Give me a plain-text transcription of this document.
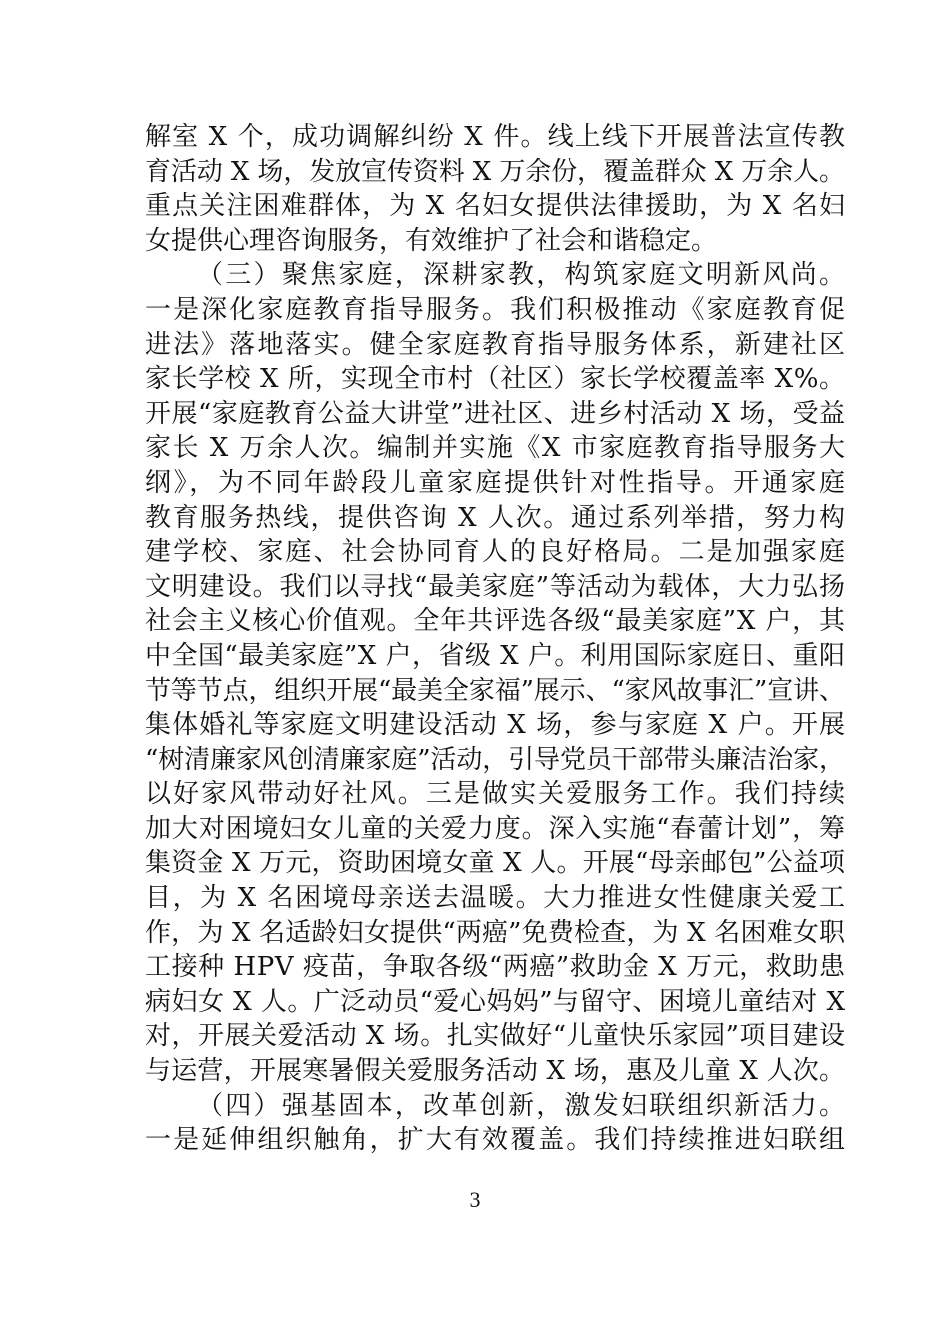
解室 X 个，成功调解纠纷 X 件。线上线下开展普法宣传教
育活动 X 场，发放宣传资料 X 万余份，覆盖群众 X 万余人。
重点关注困难群体，为 X 名妇女提供法律援助，为 X 名妇
女提供心理咨询服务，有效维护了社会和谐稳定。
（三）聚焦家庭，深耕家教，构筑家庭文明新风尚。
一是深化家庭教育指导服务。我们积极推动《家庭教育促
进法》落地落实。健全家庭教育指导服务体系，新建社区
家长学校 X 所，实现全市村（社区）家长学校覆盖率 X%。
开展“家庭教育公益大讲堂”进社区、进乡村活动 X 场，受益
家长 X 万余人次。编制并实施《X 市家庭教育指导服务大
纲》，为不同年龄段儿童家庭提供针对性指导。开通家庭
教育服务热线，提供咨询 X 人次。通过系列举措，努力构
建学校、家庭、社会协同育人的良好格局。二是加强家庭
文明建设。我们以寻找“最美家庭”等活动为载体，大力弘扬
社会主义核心价值观。全年共评选各级“最美家庭”X 户，其
中全国“最美家庭”X 户，省级 X 户。利用国际家庭日、重阳
节等节点，组织开展“最美全家福”展示、“家风故事汇”宣讲、
集体婚礼等家庭文明建设活动 X 场，参与家庭 X 户。开展
“树清廉家风创清廉家庭”活动，引导党员干部带头廉洁治家，
以好家风带动好社风。三是做实关爱服务工作。我们持续
加大对困境妇女儿童的关爱力度。深入实施“春蕾计划”，筹
集资金 X 万元，资助困境女童 X 人。开展“母亲邮包”公益项
目，为 X 名困境母亲送去温暖。大力推进女性健康关爱工
作，为 X 名适龄妇女提供“两癌”免费检查，为 X 名困难女职
工接种 HPV 疫苗，争取各级“两癌”救助金 X 万元，救助患
病妇女 X 人。广泛动员“爱心妈妈”与留守、困境儿童结对 X
对，开展关爱活动 X 场。扎实做好“儿童快乐家园”项目建设
与运营，开展寒暑假关爱服务活动 X 场，惠及儿童 X 人次。
（四）强基固本，改革创新，激发妇联组织新活力。
一是延伸组织触角，扩大有效覆盖。我们持续推进妇联组
3
